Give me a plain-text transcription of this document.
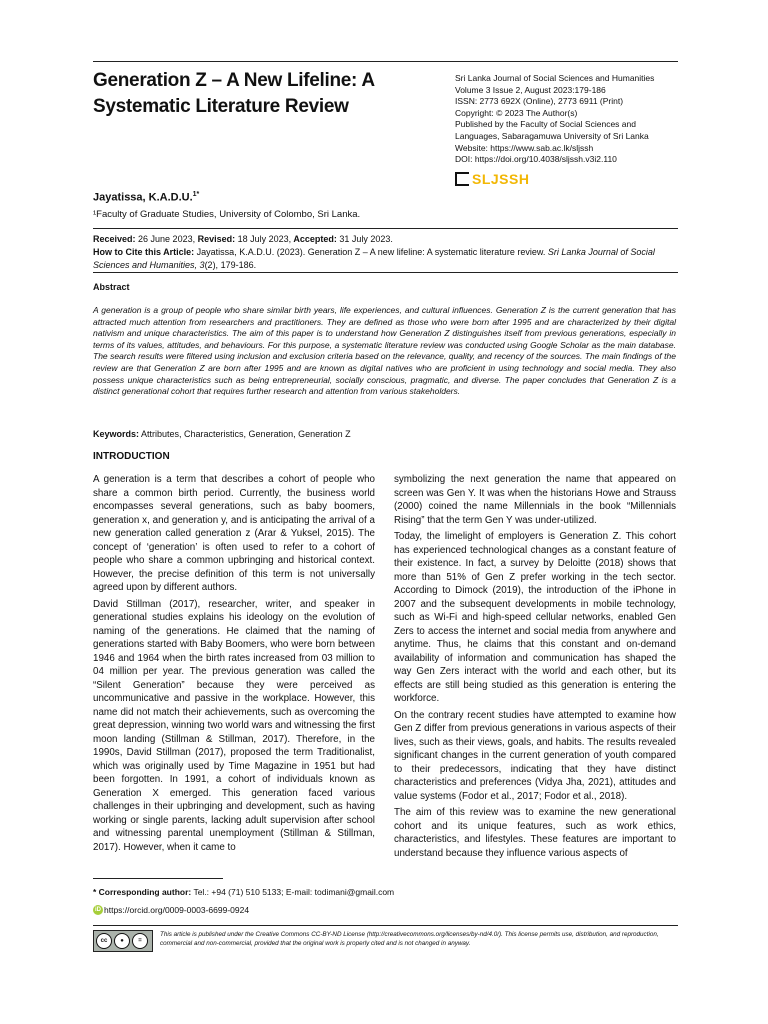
Generation Z – A New Lifeline: A Systematic Literature Review
Sri Lanka Journal of Social Sciences and Humanities
Volume 3 Issue 2, August 2023:179-186
ISSN: 2773 692X (Online), 2773 6911 (Print)
Copyright: © 2023 The Author(s)
Published by the Faculty of Social Sciences and
Languages, Sabaragamuwa University of Sri Lanka
Website: https://www.sab.ac.lk/sljssh
DOI: https://doi.org/10.4038/sljssh.v3i2.110
SLJSSH
Jayatissa, K.A.D.U.$^{1*}$
¹Faculty of Graduate Studies, University of Colombo, Sri Lanka.
Received: 26 June 2023, Revised: 18 July 2023, Accepted: 31 July 2023.
How to Cite this Article: Jayatissa, K.A.D.U. (2023). Generation Z – A new lifeline: A systematic literature review. Sri Lanka Journal of Social Sciences and Humanities, 3(2), 179-186.
Abstract
A generation is a group of people who share similar birth years, life experiences, and cultural influences. Generation Z is the current generation that has attracted much attention from researchers and practitioners. They are defined as those who were born after 1995 and are characterized by their digital nativism and unique characteristics. The aim of this paper is to understand how Generation Z distinguishes itself from previous generations, especially in terms of its values, attitudes, and behaviours. For this purpose, a systematic literature review was conducted using Google Scholar as the main database. The search results were filtered using inclusion and exclusion criteria based on the relevance, quality, and recency of the sources. The main findings of the review are that Generation Z are born after 1995 and are known as digital natives who are proficient in using technology and social media. They also possess unique characteristics such as being entrepreneurial, socially conscious, pragmatic, and diverse. The paper concludes that Generation Z is a distinct generational cohort that requires further research and attention from various stakeholders.
Keywords: Attributes, Characteristics, Generation, Generation Z
INTRODUCTION

A generation is a term that describes a cohort of people who share a common birth period. Currently, the business world encompasses several generations, such as baby boomers, generation x, and generation y, and is anticipating the arrival of a new generation called generation z (Arar & Yuksel, 2015). The concept of ‘generation’ is often used to refer to a cohort of people who share a common upbringing and historical context. However, the precise definition of this term is not universally agreed upon by different authors.

David Stillman (2017), researcher, writer, and speaker in generational studies explains his ideology on the evolution of naming of the generations. He claimed that the naming of generations started with Baby Boomers, who were born between 1946 and 1964 when the birth rates increased from 03 million to 04 million per year. The previous generation was called the “Silent Generation” because they were perceived as uncommunicative and passive in the workplace. However, this name did not match their achievements, such as overcoming the great depression, winning two world wars and witnessing the first moon landing (Stillman & Stillman, 2017). Therefore, in the 1990s, David Stillman (2017), proposed the term Traditionalist, which was originally used by Time Magazine in 1951 but had been forgotten. In 1991, a cohort of individuals known as Generation X emerged. This generation faced various challenges in their upbringing and development, such as having working or single parents, lacking adult supervision after school and witnessing parental unemployment (Stillman & Stillman, 2017). However, when it came to

symbolizing the next generation the name that appeared on screen was Gen Y. It was when the historians Howe and Strauss (2000) coined the name Millennials in the book “Millennials Rising” that the term Gen Y was under-utilized.

Today, the limelight of employers is Generation Z. This cohort has experienced technological changes as a constant feature of their existence. In fact, a survey by Deloitte (2018) shows that more than 51% of Gen Z prefer working in the tech sector. According to Dimock (2019), the introduction of the iPhone in 2007 and the subsequent developments in mobile technology, such as Wi-Fi and high-speed cellular networks, enabled Gen Zers to access the internet and social media from anywhere and anytime. Thus, he claims that this constant and on-demand availability of information and communication has shaped the way Gen Zers interact with the world and each other, but its effects are still being studied as this generation is entering the workforce.

On the contrary recent studies have attempted to examine how Gen Z differ from previous generations in various aspects of their lives, such as their views, goals, and habits. The results revealed significant changes in the current generation of youth compared to their predecessors, indicating that they have distinct characteristics and preferences (Vidya Jha, 2021), attitudes and value systems (Fodor et al., 2017; Fodor et al., 2018).

The aim of this review was to examine the new generational cohort and its unique features, such as work ethics, characteristics, and lifestyles. These features are important to understand because they influence various aspects of

* Corresponding author: Tel.: +94 (71) 510 5133; E-mail: todimani@gmail.com
iD https://orcid.org/0009-0003-6699-0924
cc	●	=
This article is published under the Creative Commons CC-BY-ND License (http://creativecommons.org/licenses/by-nd/4.0/). This license permits use, distribution, and reproduction, commercial and non-commercial, provided that the original work is properly cited and is not changed in anyway.
